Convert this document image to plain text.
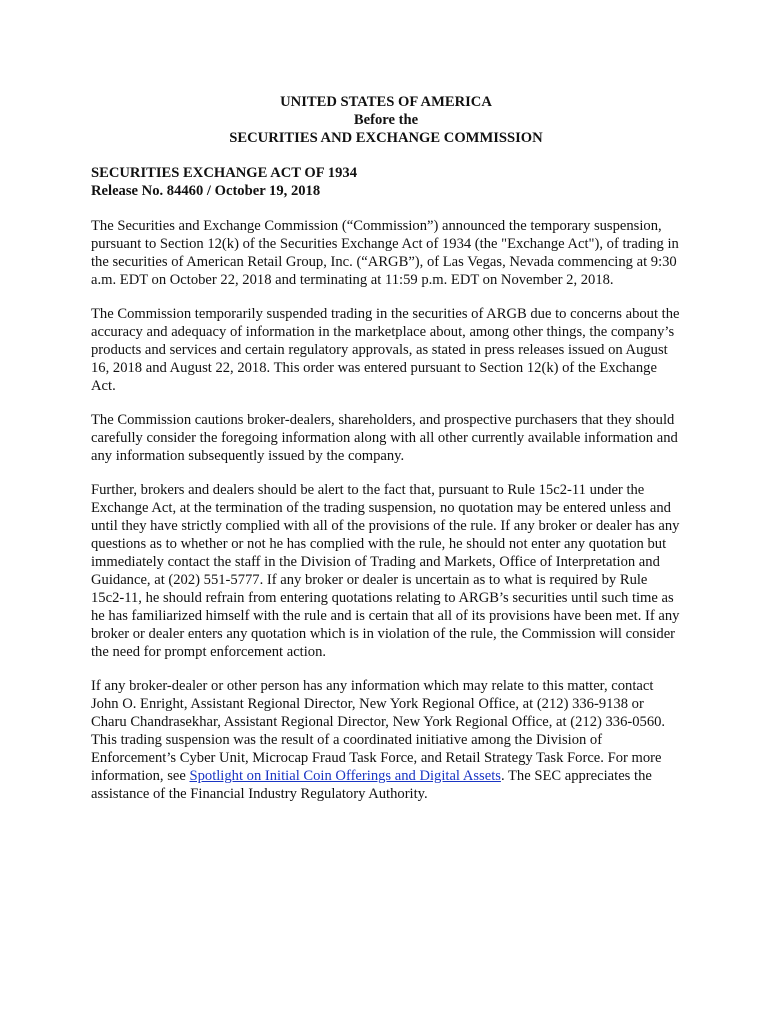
UNITED STATES OF AMERICA
Before the
SECURITIES AND EXCHANGE COMMISSION
SECURITIES EXCHANGE ACT OF 1934
Release No. 84460 / October 19, 2018

The Securities and Exchange Commission (“Commission”) announced the temporary suspension, pursuant to Section 12(k) of the Securities Exchange Act of 1934 (the "Exchange Act"), of trading in the securities of American Retail Group, Inc. (“ARGB”), of Las Vegas, Nevada commencing at 9:30 a.m. EDT on October 22, 2018 and terminating at 11:59 p.m. EDT on November 2, 2018.

The Commission temporarily suspended trading in the securities of ARGB due to concerns about the accuracy and adequacy of information in the marketplace about, among other things, the company’s products and services and certain regulatory approvals, as stated in press releases issued on August 16, 2018 and August 22, 2018. This order was entered pursuant to Section 12(k) of the Exchange Act.

The Commission cautions broker-dealers, shareholders, and prospective purchasers that they should carefully consider the foregoing information along with all other currently available information and any information subsequently issued by the company.

Further, brokers and dealers should be alert to the fact that, pursuant to Rule 15c2-11 under the Exchange Act, at the termination of the trading suspension, no quotation may be entered unless and until they have strictly complied with all of the provisions of the rule. If any broker or dealer has any questions as to whether or not he has complied with the rule, he should not enter any quotation but immediately contact the staff in the Division of Trading and Markets, Office of Interpretation and Guidance, at (202) 551-5777. If any broker or dealer is uncertain as to what is required by Rule 15c2-11, he should refrain from entering quotations relating to ARGB’s securities until such time as he has familiarized himself with the rule and is certain that all of its provisions have been met. If any broker or dealer enters any quotation which is in violation of the rule, the Commission will consider the need for prompt enforcement action.

If any broker-dealer or other person has any information which may relate to this matter, contact John O. Enright, Assistant Regional Director, New York Regional Office, at (212) 336-9138 or Charu Chandrasekhar, Assistant Regional Director, New York Regional Office, at (212) 336-0560. This trading suspension was the result of a coordinated initiative among the Division of Enforcement’s Cyber Unit, Microcap Fraud Task Force, and Retail Strategy Task Force. For more information, see Spotlight on Initial Coin Offerings and Digital Assets. The SEC appreciates the assistance of the Financial Industry Regulatory Authority.
